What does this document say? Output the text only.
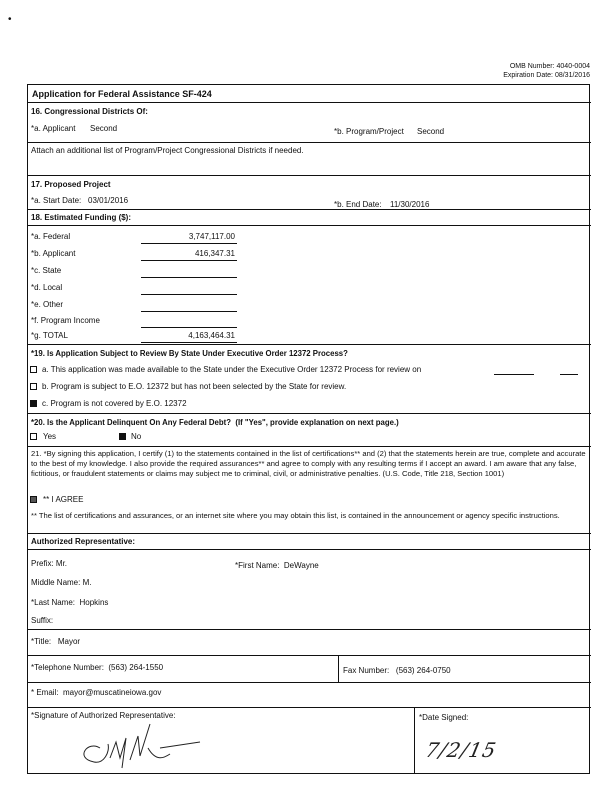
•
OMB Number: 4040-0004
Expiration Date: 08/31/2016
Application for Federal Assistance SF-424
16. Congressional Districts Of:
*a. Applicant Second	*b. Program/Project Second
Attach an additional list of Program/Project Congressional Districts if needed.
17. Proposed Project
*a. Start Date: 03/01/2016	*b. End Date: 11/30/2016
18. Estimated Funding ($):
*a. Federal	3,747,117.00
*b. Applicant	416,347.31
*c. State
*d. Local
*e. Other
*f. Program Income
*g. TOTAL	4,163,464.31
*19. Is Application Subject to Review By State Under Executive Order 12372 Process?
a. This application was made available to the State under the Executive Order 12372 Process for review on
b. Program is subject to E.O. 12372 but has not been selected by the State for review.
c. Program is not covered by E.O. 12372
*20. Is the Applicant Delinquent On Any Federal Debt? (If "Yes", provide explanation on next page.)
Yes	No
21. *By signing this application, I certify (1) to the statements contained in the list of certifications** and (2) that the statements herein are true, complete and accurate to the best of my knowledge. I also provide the required assurances** and agree to comply with any resulting terms if I accept an award. I am aware that any false, fictitious, or fraudulent statements or claims may subject me to criminal, civil, or administrative penalties. (U.S. Code, Title 218, Section 1001)
** I AGREE
** The list of certifications and assurances, or an internet site where you may obtain this list, is contained in the announcement or agency specific instructions.
Authorized Representative:
Prefix: Mr.	*First Name: DeWayne
Middle Name: M.
*Last Name: Hopkins
Suffix:
*Title: Mayor
*Telephone Number: (563) 264-1550	Fax Number: (563) 264-0750
* Email: mayor@muscatineiowa.gov
*Signature of Authorized Representative:	*Date Signed:
7/2/15
